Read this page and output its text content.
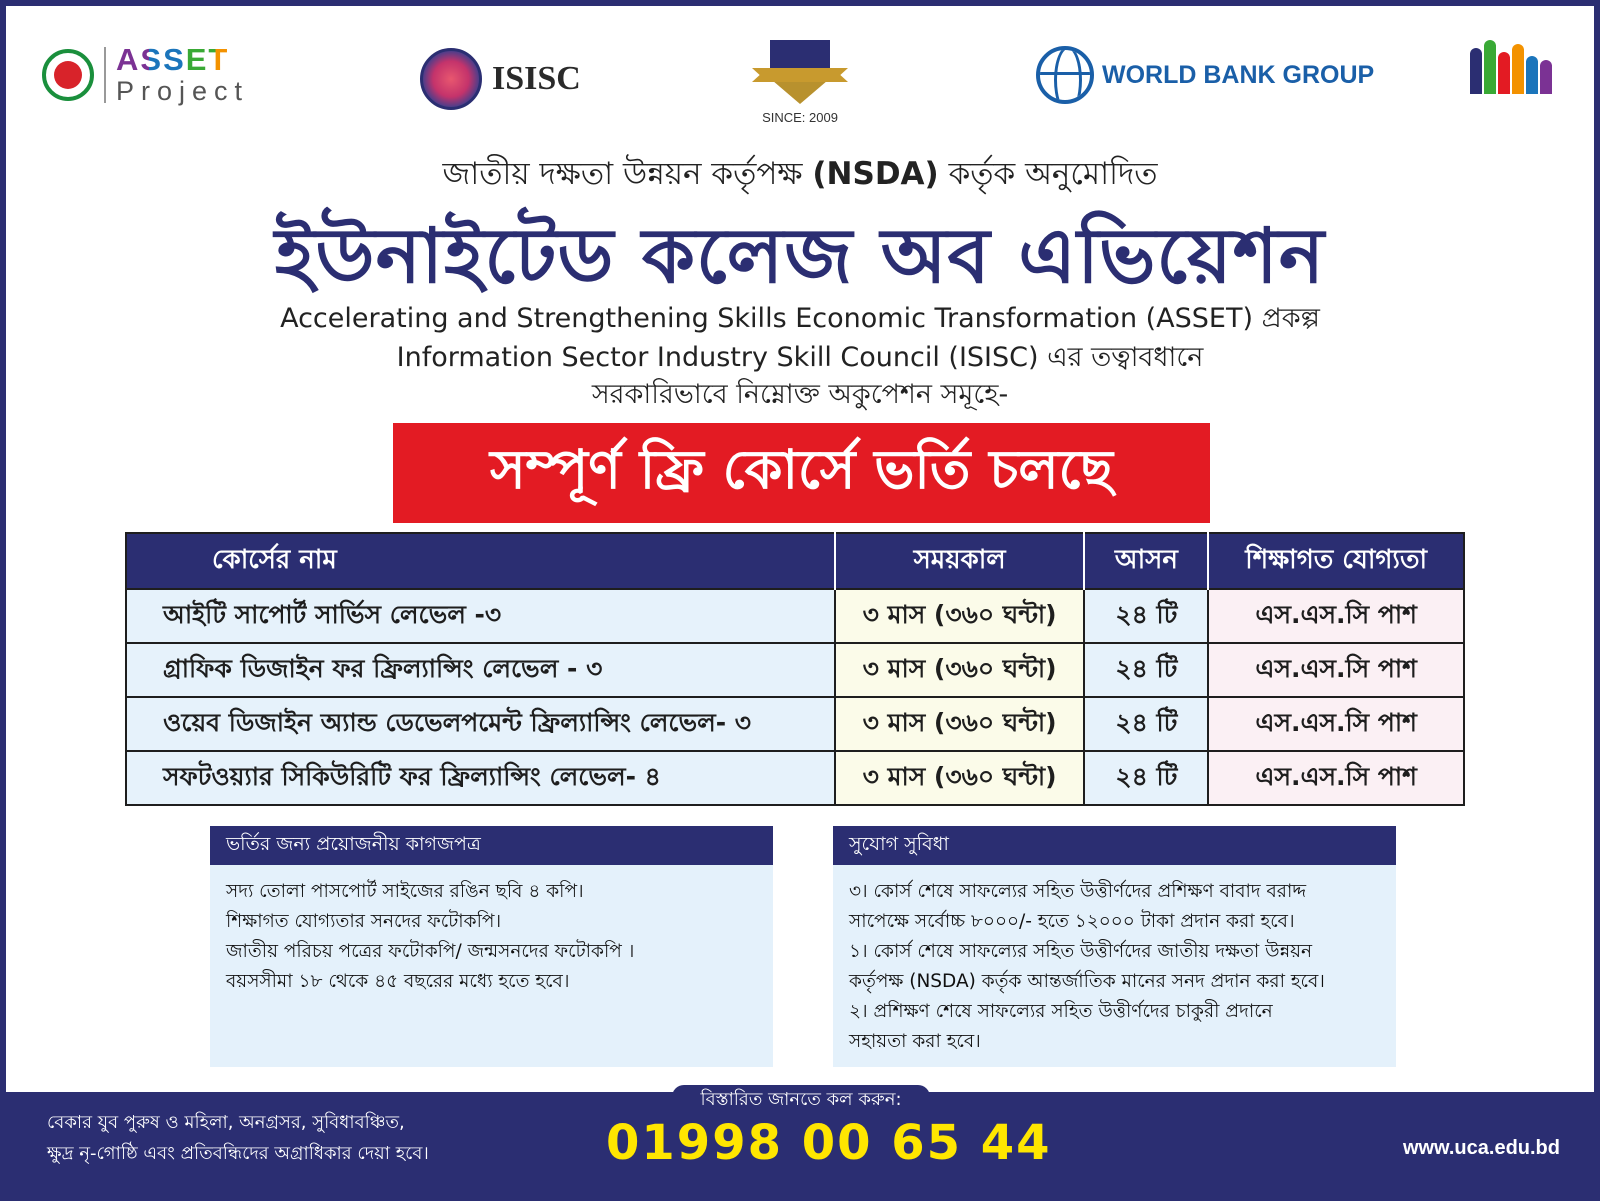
ASSET
Project	ISISC
SINCE: 2009
WORLD BANK GROUP
জাতীয় দক্ষতা উন্নয়ন কর্তৃপক্ষ (NSDA) কর্তৃক অনুমোদিত
ইউনাইটেড কলেজ অব এভিয়েশন
Accelerating and Strengthening Skills Economic Transformation (ASSET) প্রকল্প
Information Sector Industry Skill Council (ISISC) এর তত্বাবধানে
সরকারিভাবে নিম্নোক্ত অকুপেশন সমূহে-
সম্পূর্ণ ফ্রি কোর্সে ভর্তি চলছে
কোর্সের নাম	সময়কাল	আসন	শিক্ষাগত যোগ্যতা
আইটি সাপোর্ট সার্ভিস লেভেল -৩	৩ মাস (৩৬০ ঘন্টা)	২৪ টি	এস.এস.সি পাশ
গ্রাফিক ডিজাইন ফর ফ্রিল্যান্সিং লেভেল - ৩	৩ মাস (৩৬০ ঘন্টা)	২৪ টি	এস.এস.সি পাশ
ওয়েব ডিজাইন অ্যান্ড ডেভেলপমেন্ট ফ্রিল্যান্সিং লেভেল- ৩	৩ মাস (৩৬০ ঘন্টা)	২৪ টি	এস.এস.সি পাশ
সফটওয়্যার সিকিউরিটি ফর ফ্রিল্যান্সিং লেভেল- ৪	৩ মাস (৩৬০ ঘন্টা)	২৪ টি	এস.এস.সি পাশ
ভর্তির জন্য প্রয়োজনীয় কাগজপত্র
সদ্য তোলা পাসপোর্ট সাইজের রঙিন ছবি ৪ কপি।
শিক্ষাগত যোগ্যতার সনদের ফটোকপি।
জাতীয় পরিচয় পত্রের ফটোকপি/ জন্মসনদের ফটোকপি ।
বয়সসীমা ১৮ থেকে ৪৫ বছরের মধ্যে হতে হবে।
সুযোগ সুবিধা
৩। কোর্স শেষে সাফল্যের সহিত উত্তীর্ণদের প্রশিক্ষণ বাবাদ বরাদ্দ
সাপেক্ষে সর্বোচ্চ ৮০০০/- হতে ১২০০০ টাকা প্রদান করা হবে।
১। কোর্স শেষে সাফল্যের সহিত উত্তীর্ণদের জাতীয় দক্ষতা উন্নয়ন
কর্তৃপক্ষ (NSDA) কর্তৃক আন্তর্জাতিক মানের সনদ প্রদান করা হবে।
২। প্রশিক্ষণ শেষে সাফল্যের সহিত উত্তীর্ণদের চাকুরী প্রদানে
সহায়তা করা হবে।
বেকার যুব পুরুষ ও মহিলা, অনগ্রসর, সুবিধাবঞ্চিত,
ক্ষুদ্র নৃ-গোষ্ঠি এবং প্রতিবন্ধিদের অগ্রাধিকার দেয়া হবে।
বিস্তারিত জানতে কল করুন:
01998 00 65 44	www.uca.edu.bd
